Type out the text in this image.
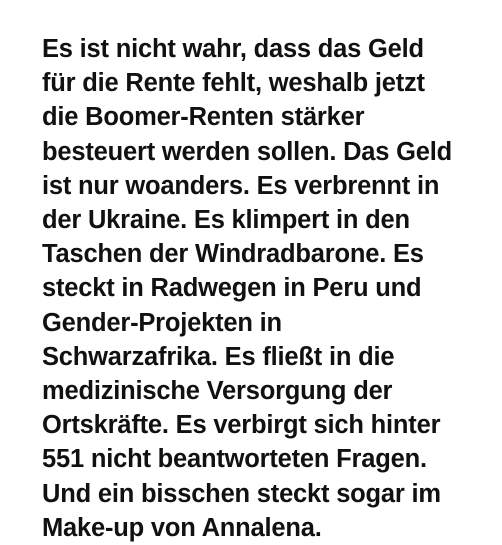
Es ist nicht wahr, dass das Geld
für die Rente fehlt, weshalb jetzt
die Boomer-Renten stärker
besteuert werden sollen. Das Geld
ist nur woanders. Es verbrennt in
der Ukraine. Es klimpert in den
Taschen der Windradbarone. Es
steckt in Radwegen in Peru und
Gender-Projekten in
Schwarzafrika. Es fließt in die
medizinische Versorgung der
Ortskräfte. Es verbirgt sich hinter
551 nicht beantworteten Fragen.
Und ein bisschen steckt sogar im
Make-up von Annalena.
